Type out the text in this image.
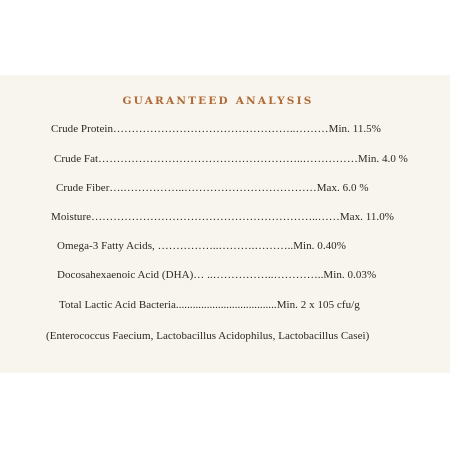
GUARANTEED ANALYSIS
Crude Protein…………………………………………..………Min. 11.5%
Crude Fat………………………………………………..……………Min. 4.0 %
Crude Fiber….……………..………………………………Max. 6.0 %
Moisture……………………………………………………..……Max. 11.0%
Omega-3 Fatty Acids, ……………..……….………..Min. 0.40%
Docosahexaenoic Acid (DHA)… ..……………..…………..Min. 0.03%
Total Lactic Acid Bacteria....................................Min. 2 x 105 cfu/g
(Enterococcus Faecium, Lactobacillus Acidophilus, Lactobacillus Casei)
